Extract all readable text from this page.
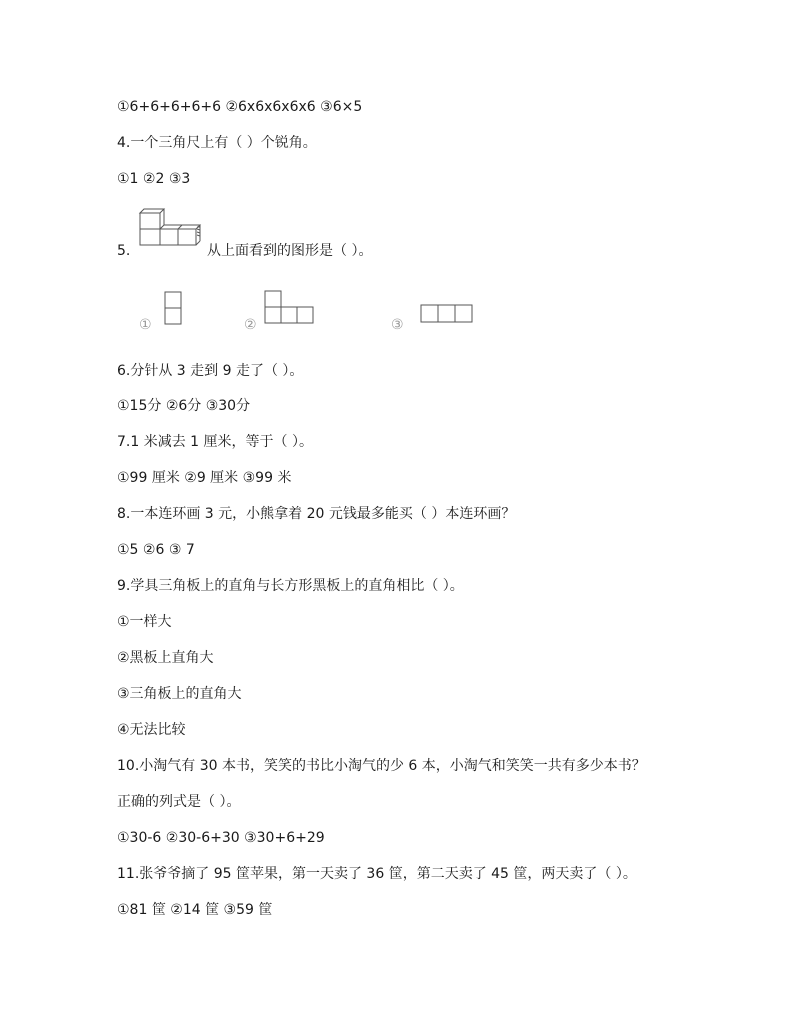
①6+6+6+6+6 ②6x6x6x6x6 ③6×5
4.一个三角尺上有（ ）个锐角。
①1 ②2 ③3
5.	从上面看到的图形是（ ）。
①	②	③
6.分针从 3 走到 9 走了（ ）。
①15分 ②6分 ③30分
7.1 米减去 1 厘米，等于（ ）。
①99 厘米 ②9 厘米 ③99 米
8.一本连环画 3 元，小熊拿着 20 元钱最多能买（ ）本连环画？
①5 ②6 ③ 7
9.学具三角板上的直角与长方形黑板上的直角相比（ ）。
①一样大
②黑板上直角大
③三角板上的直角大
④无法比较
10.小淘气有 30 本书，笑笑的书比小淘气的少 6 本，小淘气和笑笑一共有多少本书？
正确的列式是（ ）。
①30-6 ②30-6+30 ③30+6+29
11.张爷爷摘了 95 筐苹果，第一天卖了 36 筐，第二天卖了 45 筐，两天卖了（ ）。
①81 筐 ②14 筐 ③59 筐
